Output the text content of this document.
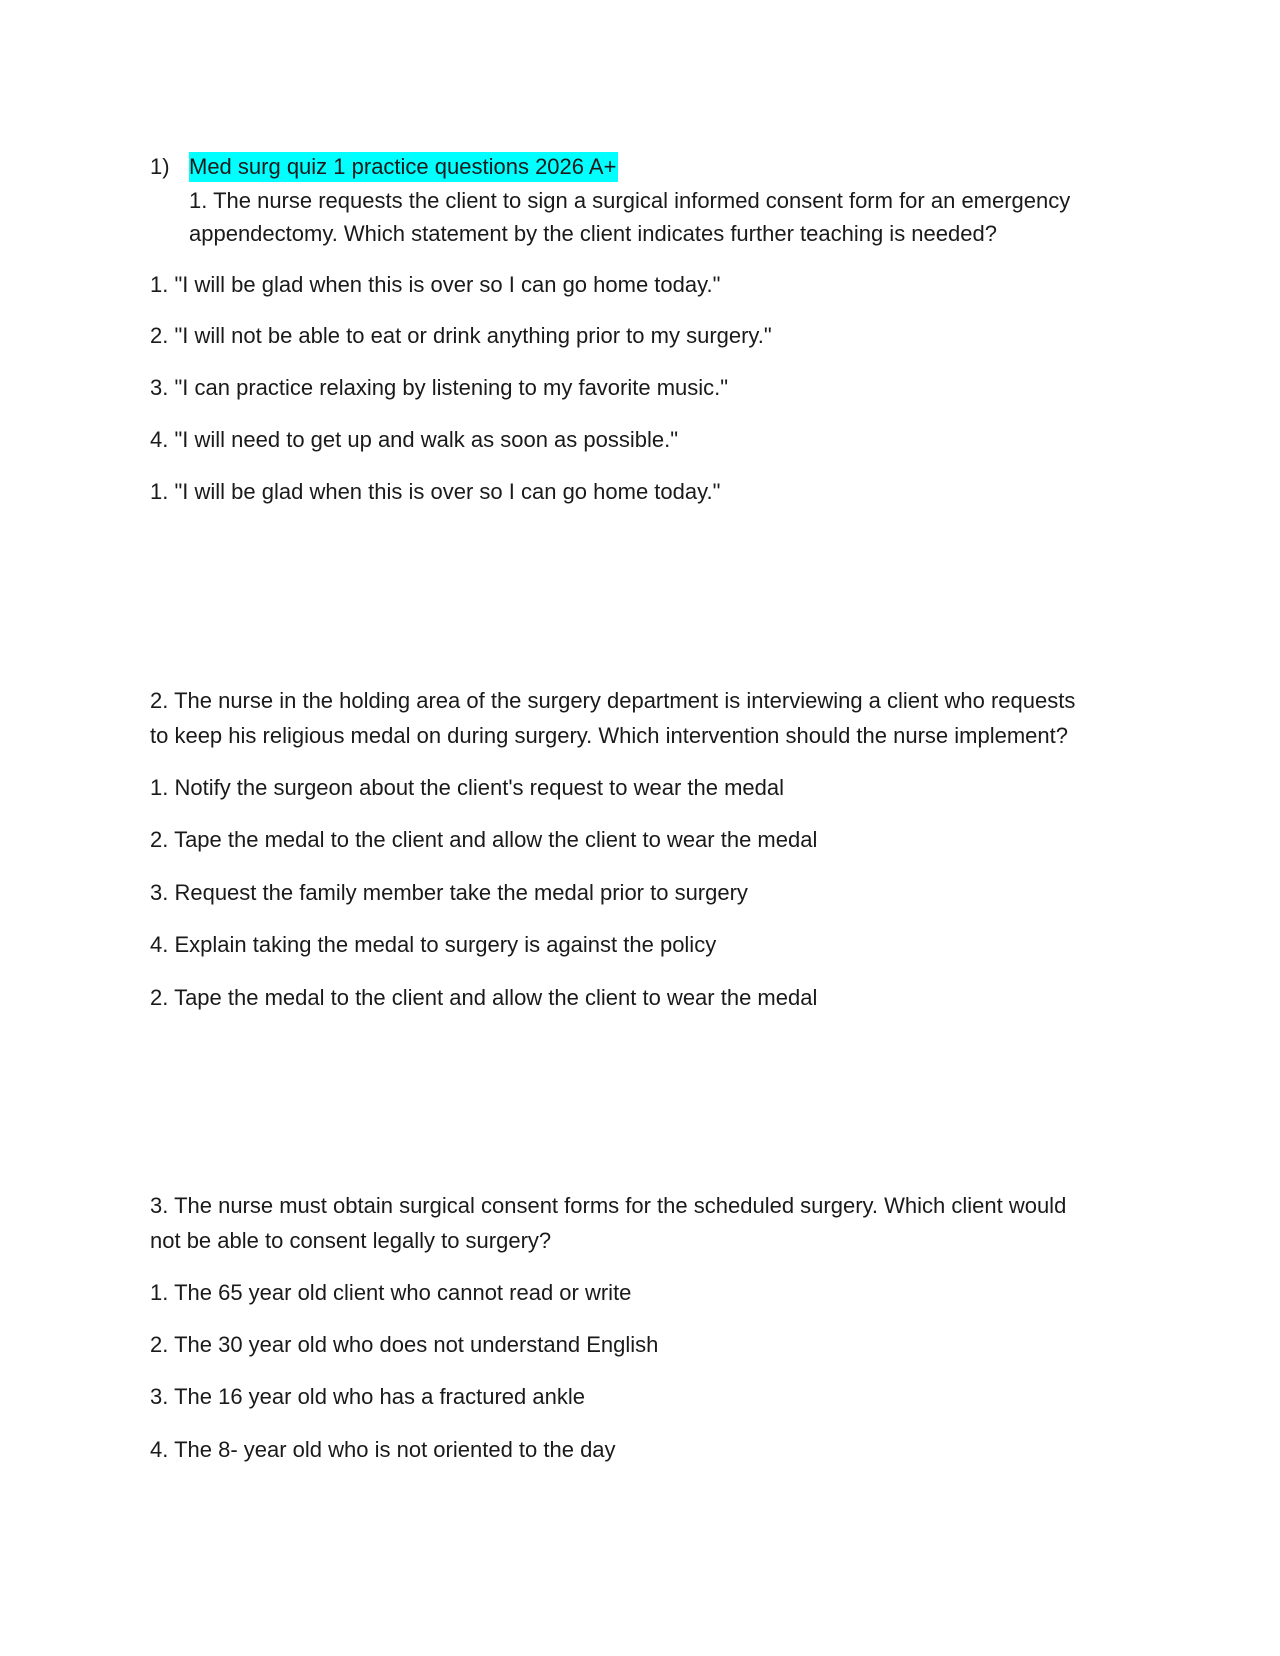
1) Med surg quiz 1 practice questions 2026 A+
1. The nurse requests the client to sign a surgical informed consent form for an emergency
appendectomy. Which statement by the client indicates further teaching is needed?
1. "I will be glad when this is over so I can go home today."
2. "I will not be able to eat or drink anything prior to my surgery."
3. "I can practice relaxing by listening to my favorite music."
4. "I will need to get up and walk as soon as possible."
1. "I will be glad when this is over so I can go home today."
2. The nurse in the holding area of the surgery department is interviewing a client who requests
to keep his religious medal on during surgery. Which intervention should the nurse implement?
1. Notify the surgeon about the client's request to wear the medal
2. Tape the medal to the client and allow the client to wear the medal
3. Request the family member take the medal prior to surgery
4. Explain taking the medal to surgery is against the policy
2. Tape the medal to the client and allow the client to wear the medal
3. The nurse must obtain surgical consent forms for the scheduled surgery. Which client would
not be able to consent legally to surgery?
1. The 65 year old client who cannot read or write
2. The 30 year old who does not understand English
3. The 16 year old who has a fractured ankle
4. The 8- year old who is not oriented to the day
